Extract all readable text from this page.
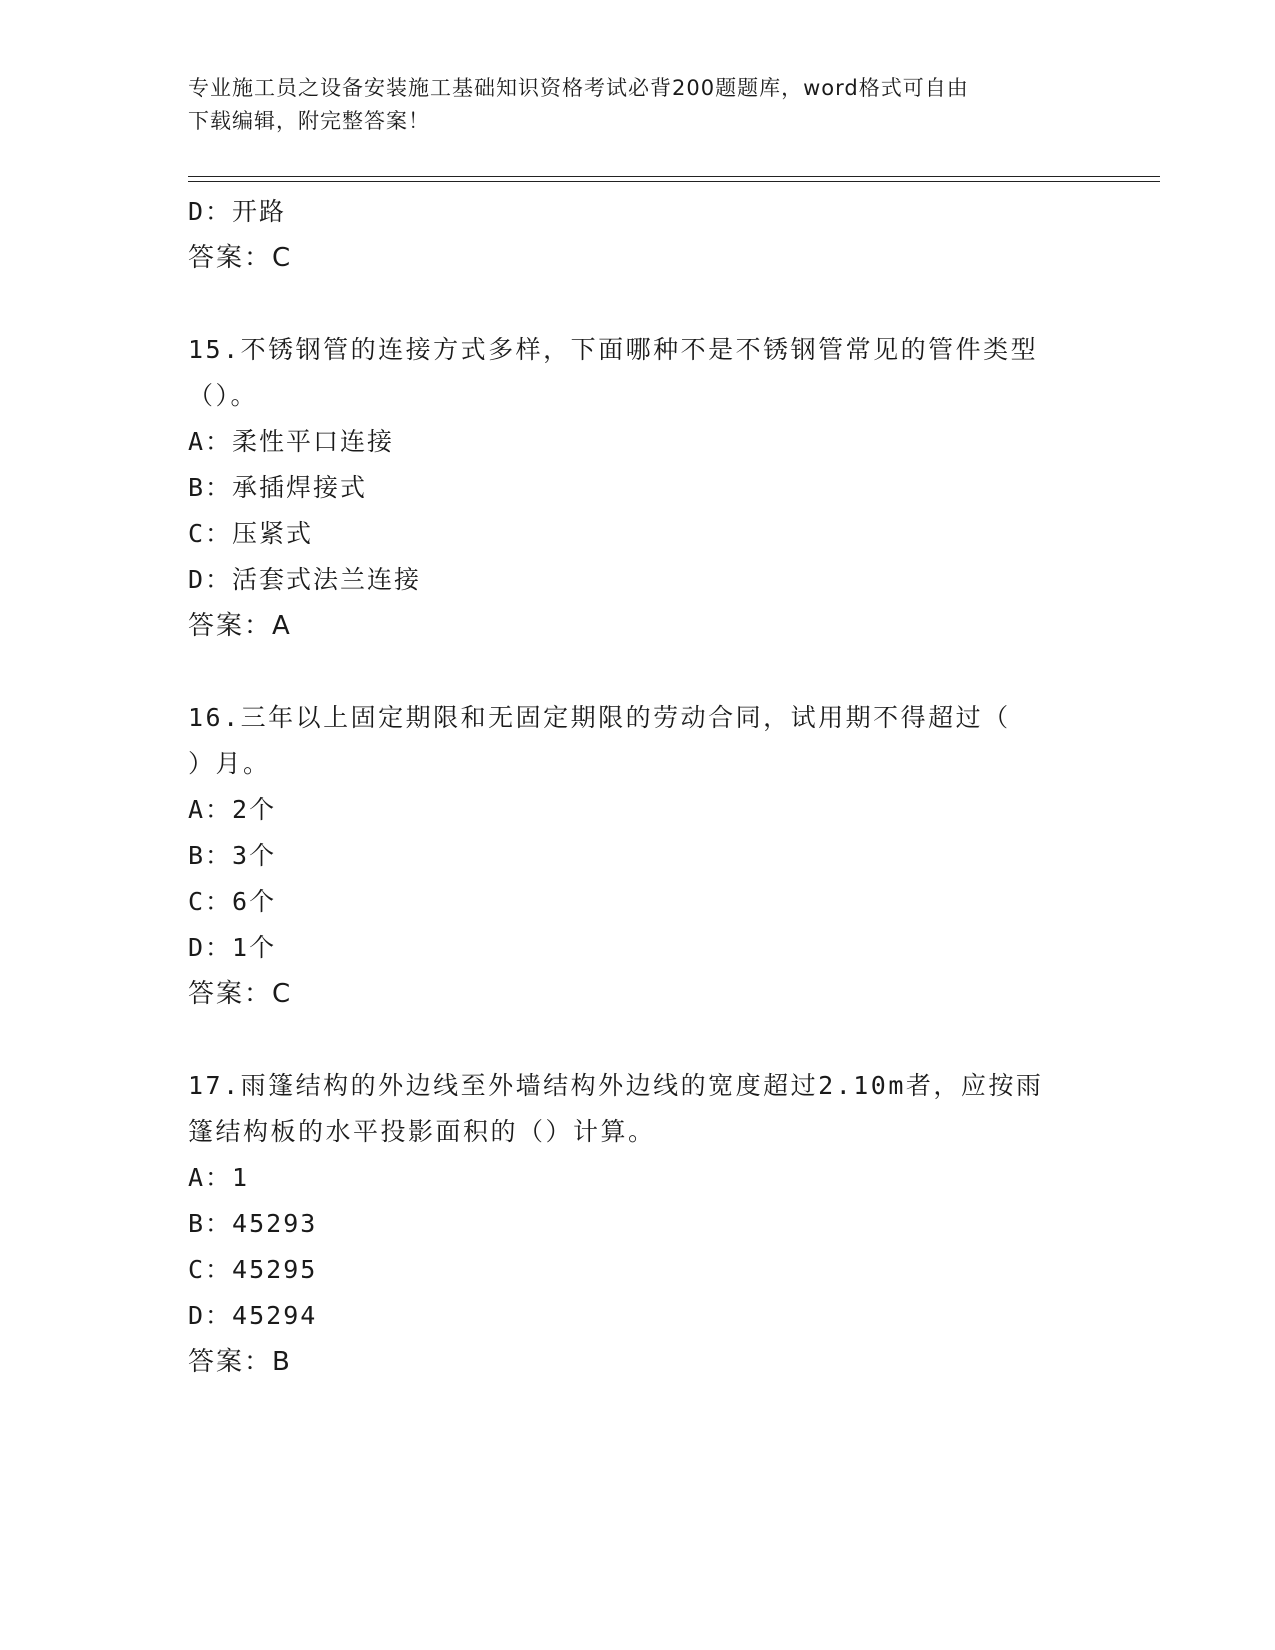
专业施工员之设备安装施工基础知识资格考试必背200题题库，word格式可自由
下载编辑，附完整答案！
D：开路
答案：C
15.不锈钢管的连接方式多样，下面哪种不是不锈钢管常见的管件类型
（）。
A：柔性平口连接
B：承插焊接式
C：压紧式
D：活套式法兰连接
答案：A
16.三年以上固定期限和无固定期限的劳动合同，试用期不得超过（
）月。
A：2个
B：3个
C：6个
D：1个
答案：C
17.雨篷结构的外边线至外墙结构外边线的宽度超过2.10m者，应按雨
篷结构板的水平投影面积的（）计算。
A：1
B：45293
C：45295
D：45294
答案：B
